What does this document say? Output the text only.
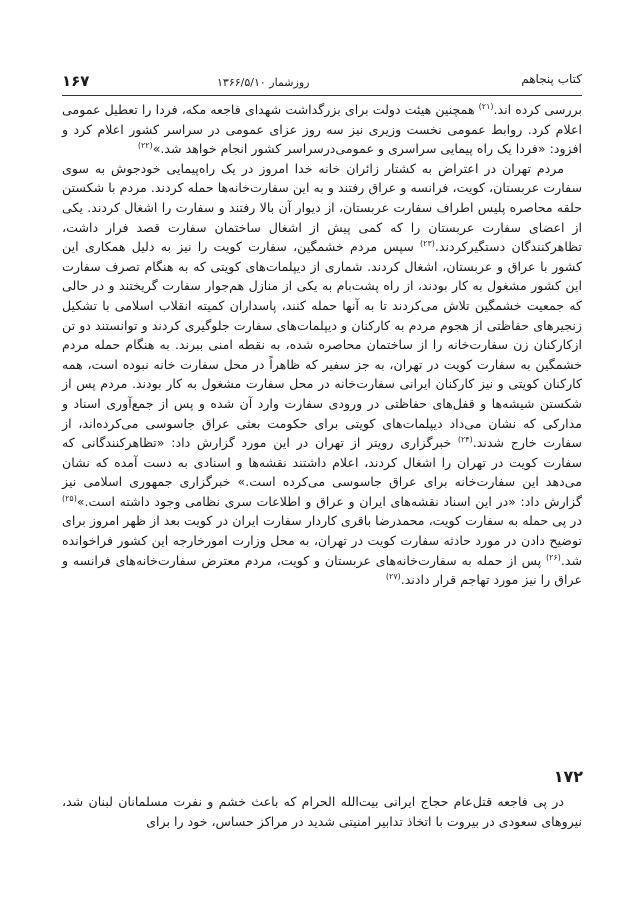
کتاب پنجاهم
روزشمار ۱۳۶۶/۵/۱۰
۱۶۷

بررسی کرده اند.$^{(۲۱)}$ همچنین هیئت دولت برای بزرگداشت شهدای فاجعه مکه، فردا را تعطیل عمومی اعلام کرد. روابط عمومی نخست وزیری نیز سه روز عزای عمومی در سراسر کشور اعلام کرد و افزود: «فردا یک راه پیمایی سراسری و عمومی‌درسراسر کشور انجام خواهد شد.»$^{(۲۲)}$

مردم تهران در اعتراض به کشتار زائران خانه خدا امروز در یک راه‌پیمایی خودجوش به سوی سفارت عربستان، کویت، فرانسه و عراق رفتند و به این سفارت‌خانه‌ها حمله کردند. مردم با شکستن حلقه محاصره پلیس اطراف سفارت عربستان، از دیوار آن بالا رفتند و سفارت را اشغال کردند. یکی از اعضای سفارت عربستان را که کمی پیش از اشغال ساختمان سفارت قصد فرار داشت، تظاهرکنندگان دستگیرکردند.$^{(۲۳)}$ سپس مردم خشمگین، سفارت کویت را نیز به دلیل همکاری این کشور با عراق و عربستان، اشغال کردند. شماری از دیپلمات‌های کویتی که به هنگام تصرف سفارت این کشور مشغول به کار بودند، از راه پشت‌بام به یکی از منازل هم‌جوار سفارت گریختند و در حالی که جمعیت خشمگین تلاش می‌کردند تا به آنها حمله کنند، پاسداران کمیته انقلاب اسلامی با تشکیل زنجیرهای حفاظتی از هجوم مردم به کارکنان و دیپلمات‌های سفارت جلوگیری کردند و توانستند دو تن ازکارکنان زن سفارت‌خانه را از ساختمان محاصره شده، به نقطه امنی ببرند. به هنگام حمله مردم خشمگین به سفارت کویت در تهران، به جز سفیر که ظاهراً در محل سفارت خانه نبوده است، همه کارکنان کویتی و نیز کارکنان ایرانی سفارت‌خانه در محل سفارت مشغول به کار بودند. مردم پس از شکستن شیشه‌ها و قفل‌های حفاظتی در ورودی سفارت وارد آن شده و پس از جمع‌آوری اسناد و مدارکی که نشان می‌داد دیپلمات‌های کویتی برای حکومت بعثی عراق جاسوسی می‌کرده‌اند، از سفارت خارج شدند.$^{(۲۴)}$ خبرگزاری رویتر از تهران در این مورد گزارش داد: «تظاهرکنندگانی که سفارت کویت در تهران را اشغال کردند، اعلام داشتند نقشه‌ها و اسنادی به دست آمده که نشان می‌دهد این سفارت‌خانه برای عراق جاسوسی می‌کرده است.» خبرگزاری جمهوری اسلامی نیز گزارش داد: «در این اسناد نقشه‌های ایران و عراق و اطلاعات سری نظامی وجود داشته است.»$^{(۲۵)}$ در پی حمله به سفارت کویت، محمدرضا باقری کاردار سفارت ایران در کویت بعد از ظهر امروز برای توضیح دادن در مورد حادثه سفارت کویت در تهران، به محل وزارت امورخارجه این کشور فراخوانده شد.$^{(۲۶)}$ پس از حمله به سفارت‌خانه‌های عربستان و کویت، مردم معترض سفارت‌خانه‌های فرانسه و عراق را نیز مورد تهاجم قرار دادند.$^{(۲۷)}$

۱۷۲

در پی فاجعه قتل‌عام حجاج ایرانی بیت‌الله الحرام که باعث خشم و نفرت مسلمانان لبنان شد، نیروهای سعودی در بیروت با اتخاذ تدابیر امنیتی شدید در مراکز حساس، خود را برای
